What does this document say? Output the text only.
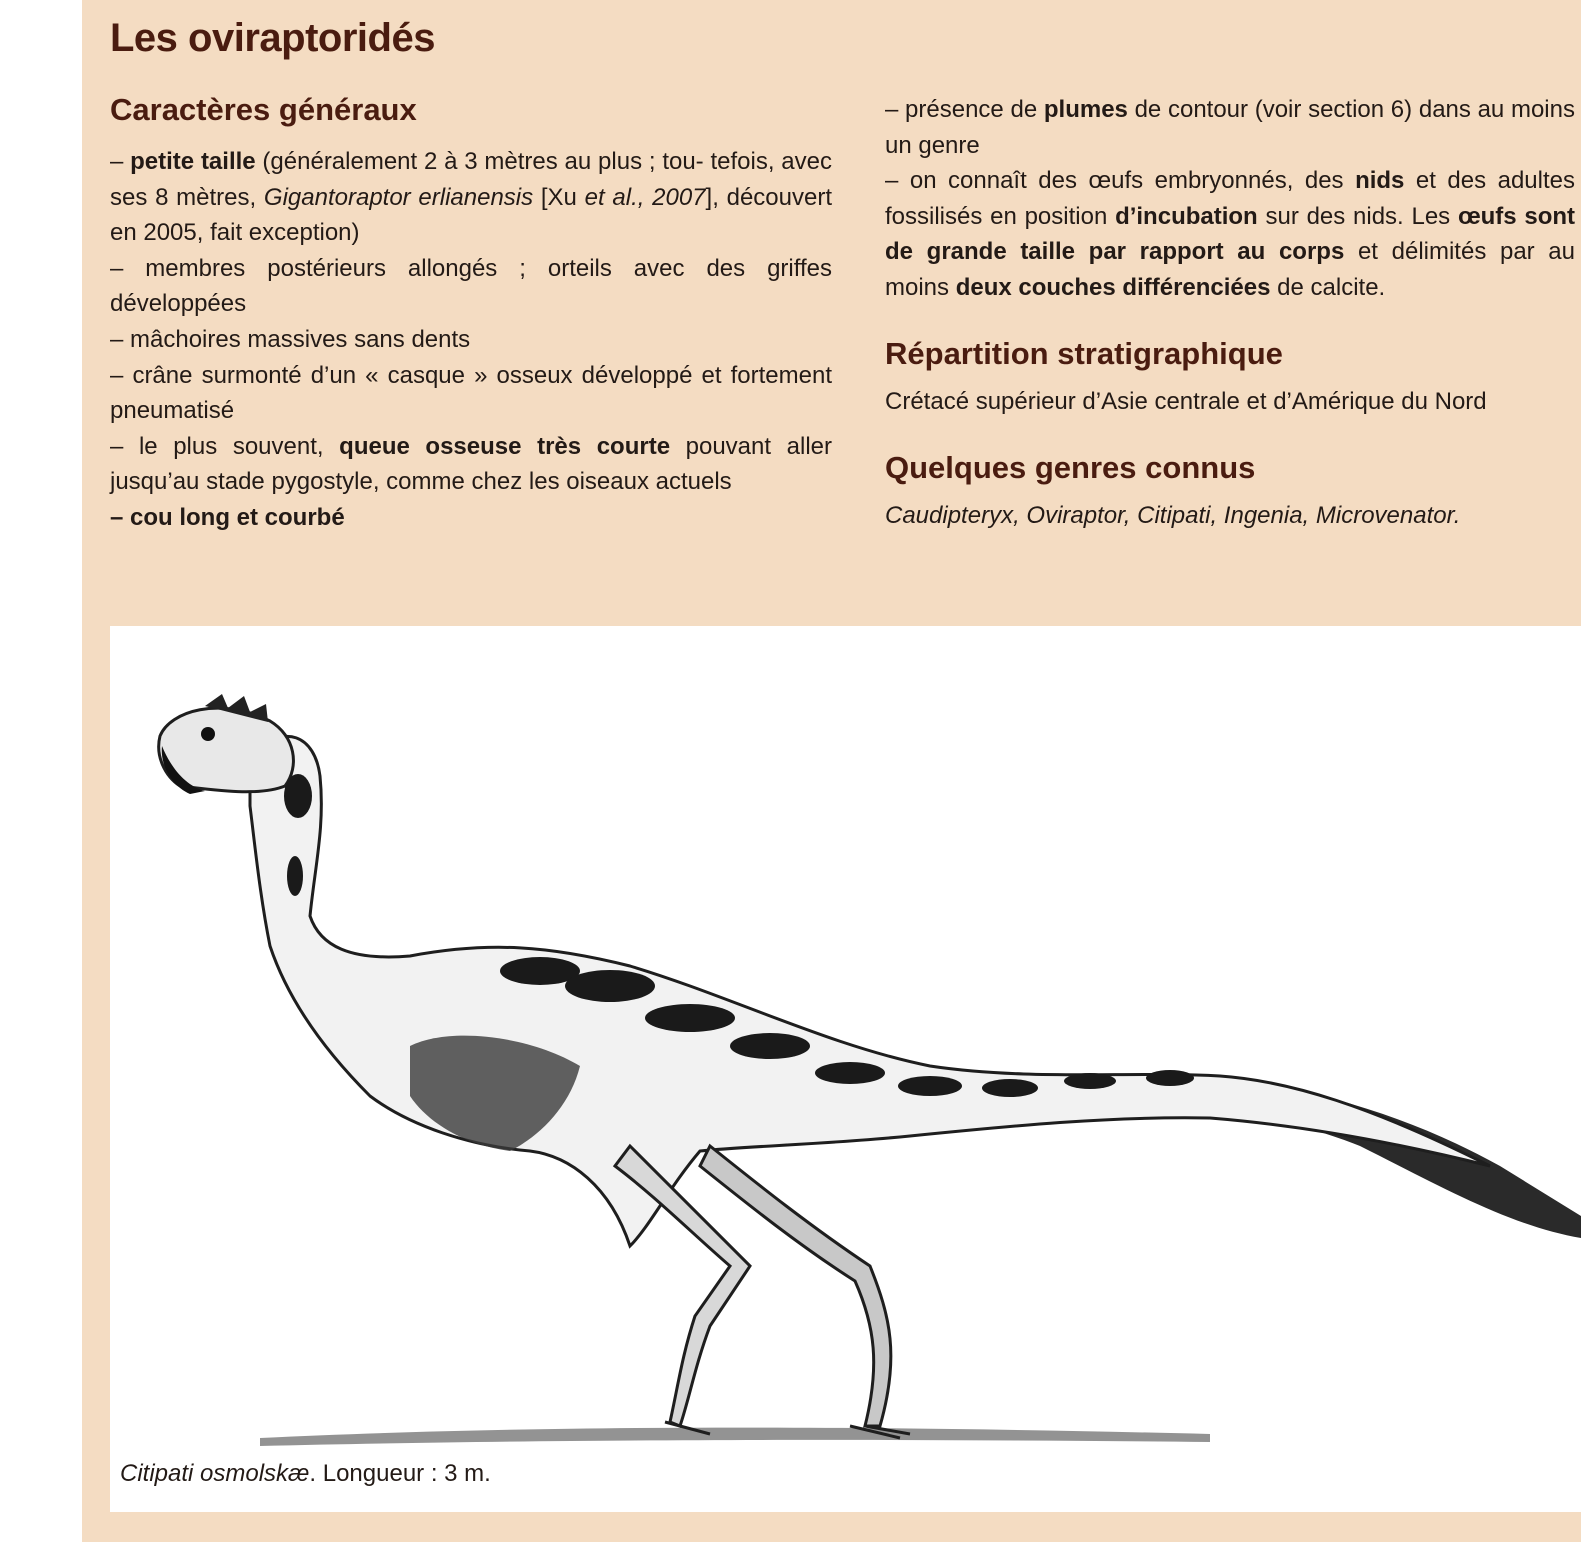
Les oviraptoridés
Caractères généraux

– petite taille (généralement 2 à 3 mètres au plus ; tou- tefois, avec ses 8 mètres, Gigantoraptor erlianensis [Xu et al., 2007], découvert en 2005, fait exception)

– membres postérieurs allongés ; orteils avec des griffes développées

– mâchoires massives sans dents

– crâne surmonté d’un « casque » osseux développé et fortement pneumatisé

– le plus souvent, queue osseuse très courte pouvant aller jusqu’au stade pygostyle, comme chez les oiseaux actuels

– cou long et courbé

– présence de plumes de contour (voir section 6) dans au moins un genre

– on connaît des œufs embryonnés, des nids et des adultes fossilisés en position d’incubation sur des nids. Les œufs sont de grande taille par rapport au corps et délimités par au moins deux couches différenciées de calcite.

Répartition stratigraphique

Crétacé supérieur d’Asie centrale et d’Amérique du Nord

Quelques genres connus

Caudipteryx, Oviraptor, Citipati, Ingenia, Microvenator.

Citipati osmolskæ. Longueur : 3 m.
